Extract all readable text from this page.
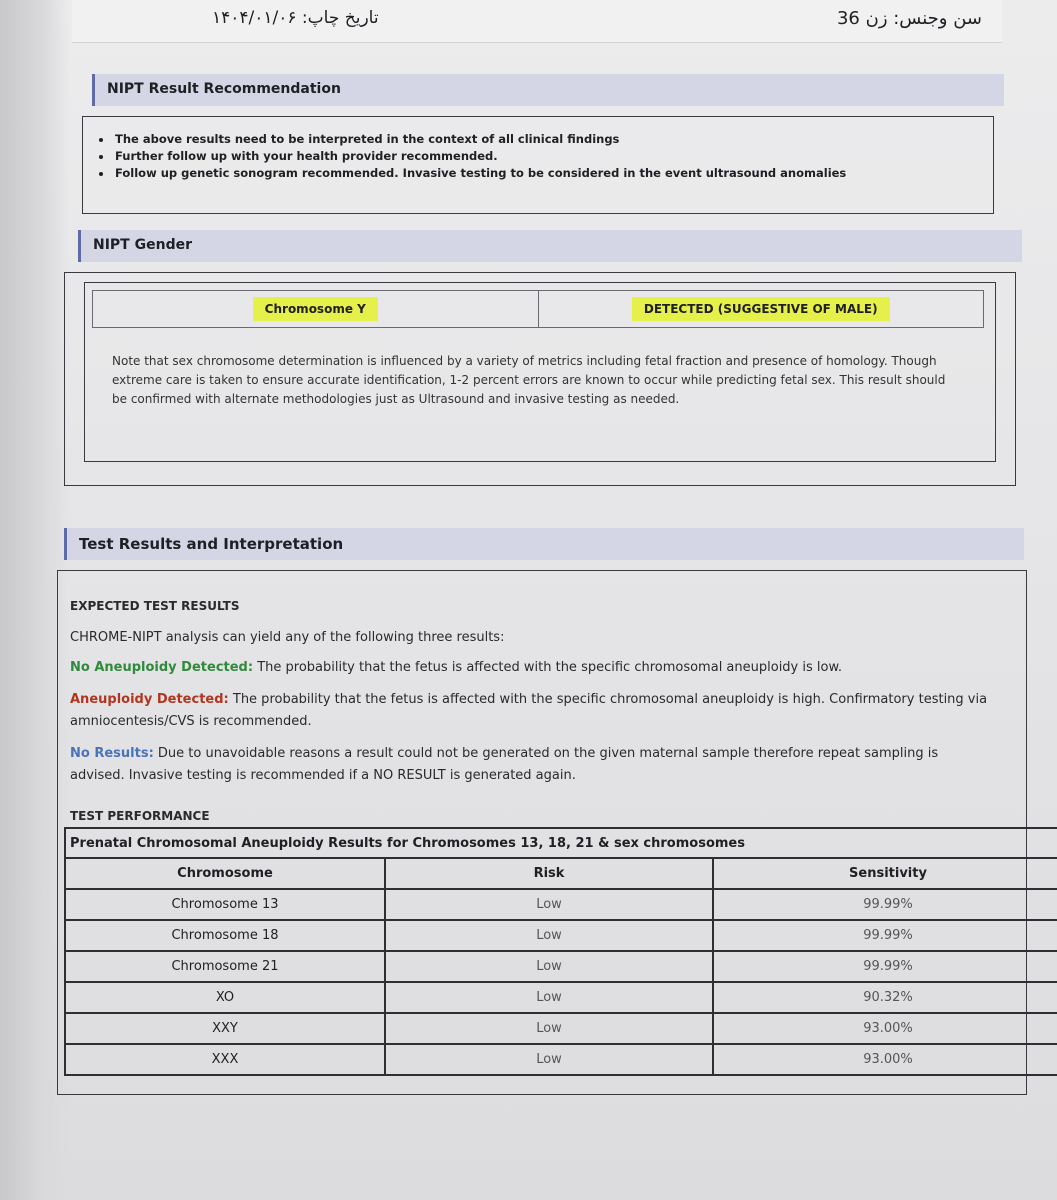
تاریخ چاپ: ۱۴۰۴/۰۱/۰۶	سن وجنس: زن 36
NIPT Result Recommendation
• The above results need to be interpreted in the context of all clinical findings
• Further follow up with your health provider recommended.
• Follow up genetic sonogram recommended. Invasive testing to be considered in the event ultrasound anomalies
NIPT Gender
Chromosome Y	DETECTED (SUGGESTIVE OF MALE)
Note that sex chromosome determination is influenced by a variety of metrics including fetal fraction and presence of homology. Though extreme care is taken to ensure accurate identification, 1-2 percent errors are known to occur while predicting fetal sex. This result should be confirmed with alternate methodologies just as Ultrasound and invasive testing as needed.
Test Results and Interpretation
EXPECTED TEST RESULTS
CHROME-NIPT analysis can yield any of the following three results:
No Aneuploidy Detected: The probability that the fetus is affected with the specific chromosomal aneuploidy is low.
Aneuploidy Detected: The probability that the fetus is affected with the specific chromosomal aneuploidy is high. Confirmatory testing via amniocentesis/CVS is recommended.
No Results: Due to unavoidable reasons a result could not be generated on the given maternal sample therefore repeat sampling is advised. Invasive testing is recommended if a NO RESULT is generated again.
TEST PERFORMANCE
Prenatal Chromosomal Aneuploidy Results for Chromosomes 13, 18, 21 & sex chromosomes		
Chromosome	Risk	Sensitivity
Chromosome 13	Low	99.99%
Chromosome 18	Low	99.99%
Chromosome 21	Low	99.99%
XO	Low	90.32%
XXY	Low	93.00%
XXX	Low	93.00%
